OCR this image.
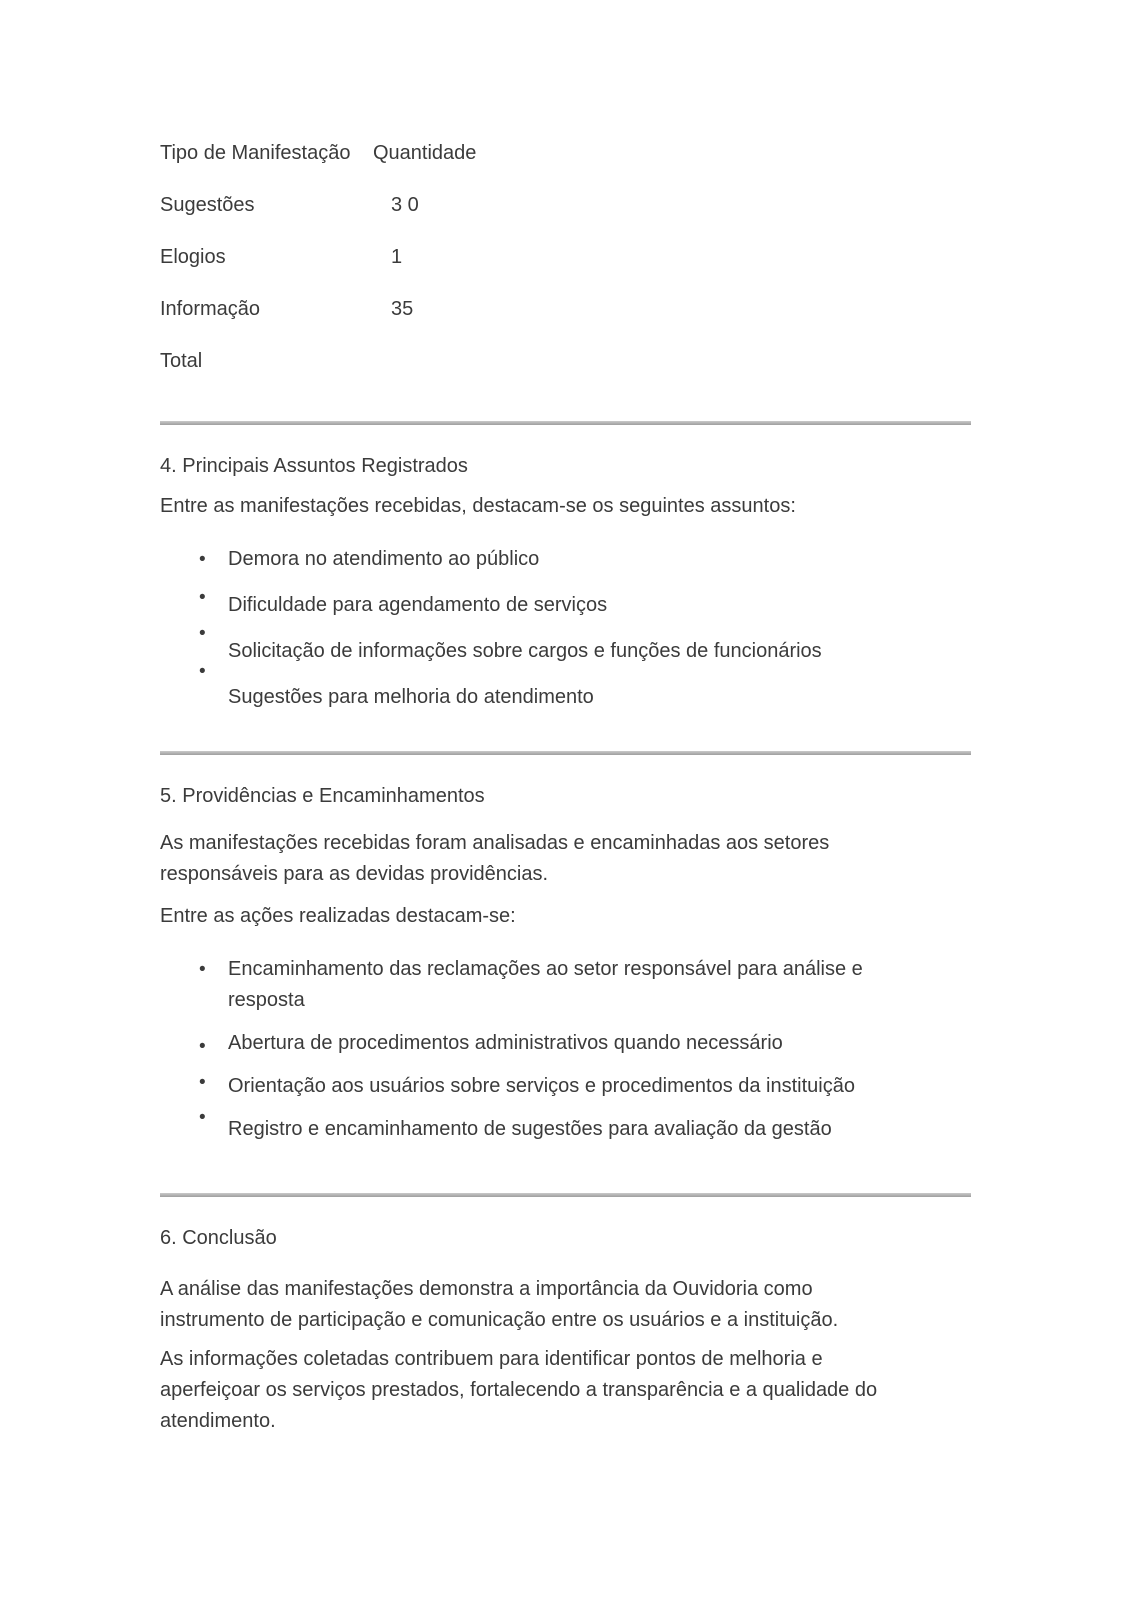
Tipo de Manifestação	Quantidade
Sugestões	3 0
Elogios	1
Informação	35
Total
4. Principais Assuntos Registrados

Entre as manifestações recebidas, destacam-se os seguintes assuntos:

•	Demora no atendimento ao público
•	Dificuldade para agendamento de serviços
•
Solicitação de informações sobre cargos e funções de funcionários
•
Sugestões para melhoria do atendimento
5. Providências e Encaminhamentos

As manifestações recebidas foram analisadas e encaminhadas aos setores responsáveis para as devidas providências.

Entre as ações realizadas destacam-se:

•	Encaminhamento das reclamações ao setor responsável para análise e resposta
•	Abertura de procedimentos administrativos quando necessário
•	Orientação aos usuários sobre serviços e procedimentos da instituição
•
Registro e encaminhamento de sugestões para avaliação da gestão
6. Conclusão

A análise das manifestações demonstra a importância da Ouvidoria como instrumento de participação e comunicação entre os usuários e a instituição.

As informações coletadas contribuem para identificar pontos de melhoria e aperfeiçoar os serviços prestados, fortalecendo a transparência e a qualidade do atendimento.
